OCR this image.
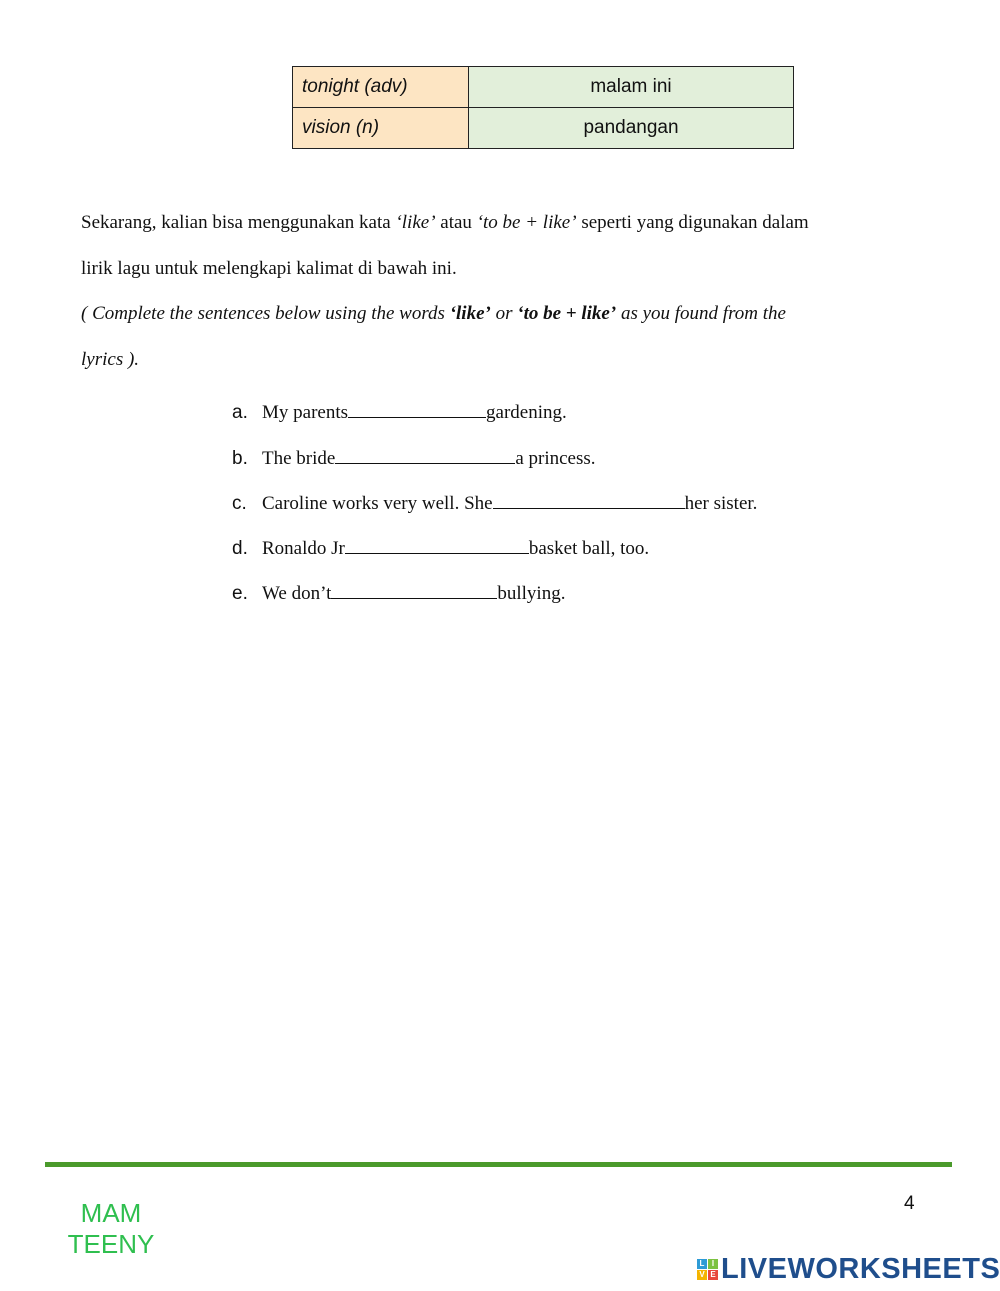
tonight (adv)	malam ini
vision (n)	pandangan

Sekarang, kalian bisa menggunakan kata ‘like’ atau ‘to be + like’ seperti yang digunakan dalam

lirik lagu untuk melengkapi kalimat di bawah ini.

( Complete the sentences below using the words ‘like’ or ‘to be + like’ as you found from the

lyrics ).

a. My parents	gardening.
b. The bride	a princess.
c. Caroline works very well. She	her sister.
d. Ronaldo Jr	basket ball, too.
e. We don’t	bullying.
4
MAM
TEENY
L I
V E LIVEWORKSHEETS
